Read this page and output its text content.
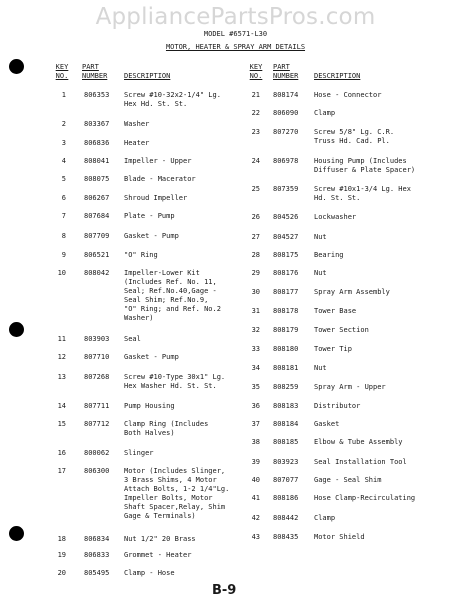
AppliancePartsPros.com
MODEL #6571-L30
MOTOR, HEATER & SPRAY ARM DETAILS
KEY
NO.
PART
NUMBER DESCRIPTION
KEY
NO.
PART
NUMBER DESCRIPTION
1	806353 Screw #10-32x2-1/4" Lg.
Hex Hd. St. St.
2	803367 Washer
3	806836 Heater
4	808041 Impeller - Upper
5	808075 Blade - Macerator
6	806267 Shroud Impeller
7	807684 Plate - Pump
8	807709 Gasket - Pump
9	806521 "O" Ring
10	808042 Impeller-Lower Kit
(Includes Ref. No. 11,
Seal; Ref.No.40,Gage -
Seal Shim; Ref.No.9,
"O" Ring; and Ref. No.2
Washer)
11	803903 Seal
12	807710 Gasket - Pump
13	807268 Screw #10-Type 30x1" Lg.
Hex Washer Hd. St. St.
14	807711 Pump Housing
15	807712 Clamp Ring (Includes
Both Halves)
16	800062 Slinger
17	806300 Motor (Includes Slinger,
3 Brass Shims, 4 Motor
Attach Bolts, 1-2 1/4"Lg.
Impeller Bolts, Motor
Shaft Spacer,Relay, Shim
Gage & Terminals)
18	806834 Nut 1/2" 20 Brass
19	806833 Grommet - Heater
20	805495 Clamp - Hose
21 808174 Hose - Connector
22 806090 Clamp
23 807270 Screw 5/8" Lg. C.R.
Truss Hd. Cad. Pl.
24 806978 Housing Pump (Includes
Diffuser & Plate Spacer)
25 807359 Screw #10x1-3/4 Lg. Hex
Hd. St. St.
26 804526 Lockwasher
27 804527 Nut
28 808175 Bearing
29 808176 Nut
30 808177 Spray Arm Assembly
31 808178 Tower Base
32 808179 Tower Section
33 808180 Tower Tip
34 808181 Nut
35 808259 Spray Arm - Upper
36 808183 Distributor
37 808184 Gasket
38 808185 Elbow & Tube Assembly
39 803923 Seal Installation Tool
40 807077 Gage - Seal Shim
41 808186 Hose Clamp-Recirculating
42 808442 Clamp
43 808435 Motor Shield
B-9
